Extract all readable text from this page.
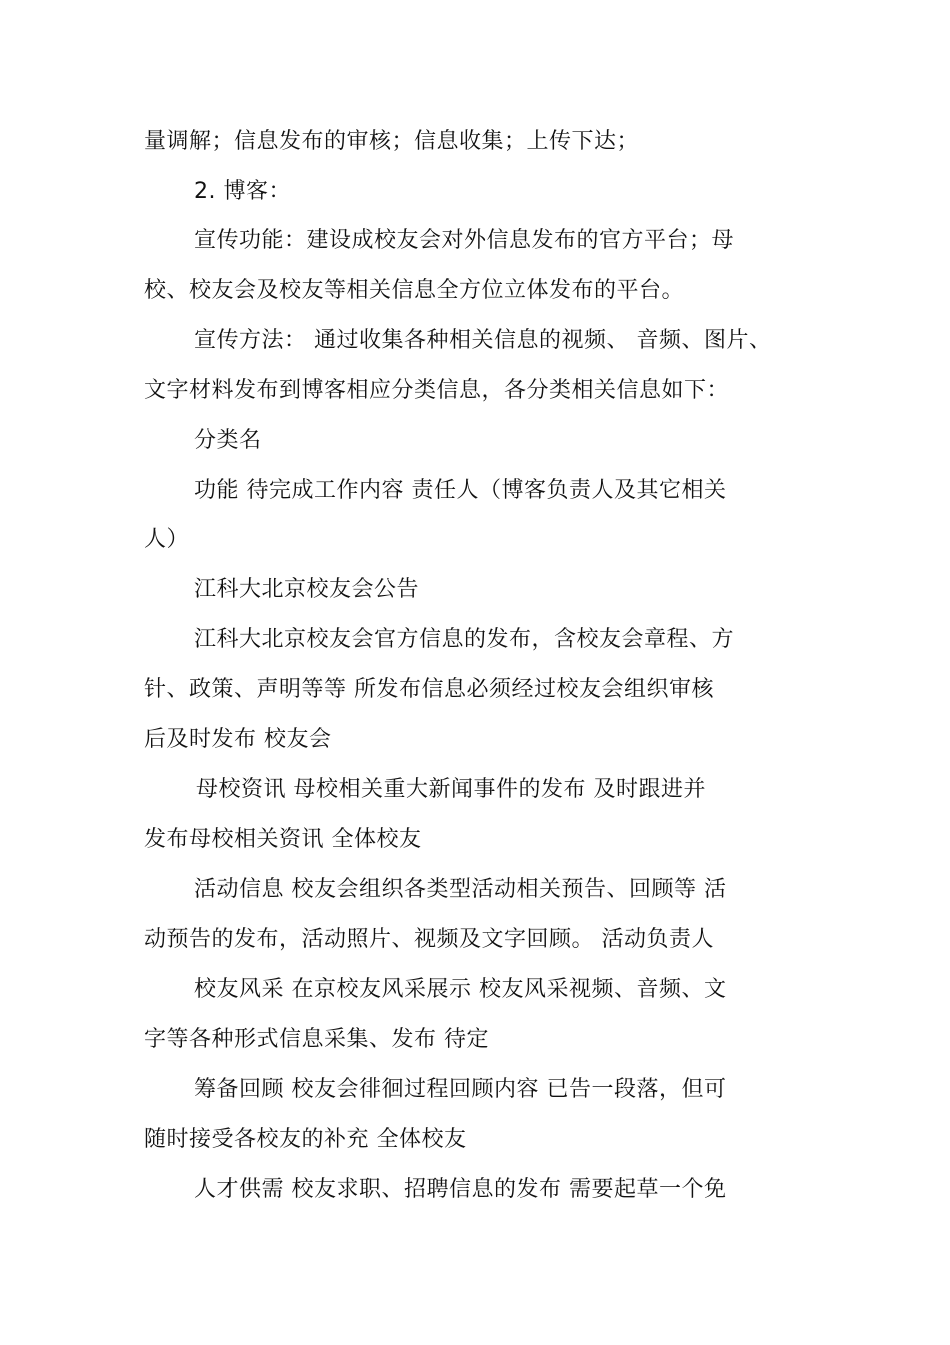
量调解；信息发布的审核；信息收集；上传下达；
2. 博客：
宣传功能：建设成校友会对外信息发布的官方平台；母
校、校友会及校友等相关信息全方位立体发布的平台。
宣传方法： 通过收集各种相关信息的视频、 音频、图片、
文字材料发布到博客相应分类信息，各分类相关信息如下：
分类名
功能 待完成工作内容 责任人（博客负责人及其它相关
人）
江科大北京校友会公告
江科大北京校友会官方信息的发布，含校友会章程、方
针、政策、声明等等 所发布信息必须经过校友会组织审核
后及时发布 校友会
母校资讯 母校相关重大新闻事件的发布 及时跟进并
发布母校相关资讯 全体校友
活动信息 校友会组织各类型活动相关预告、回顾等 活
动预告的发布，活动照片、视频及文字回顾。 活动负责人
校友风采 在京校友风采展示 校友风采视频、音频、文
字等各种形式信息采集、发布 待定
筹备回顾 校友会徘徊过程回顾内容 已告一段落，但可
随时接受各校友的补充 全体校友
人才供需 校友求职、招聘信息的发布 需要起草一个免
